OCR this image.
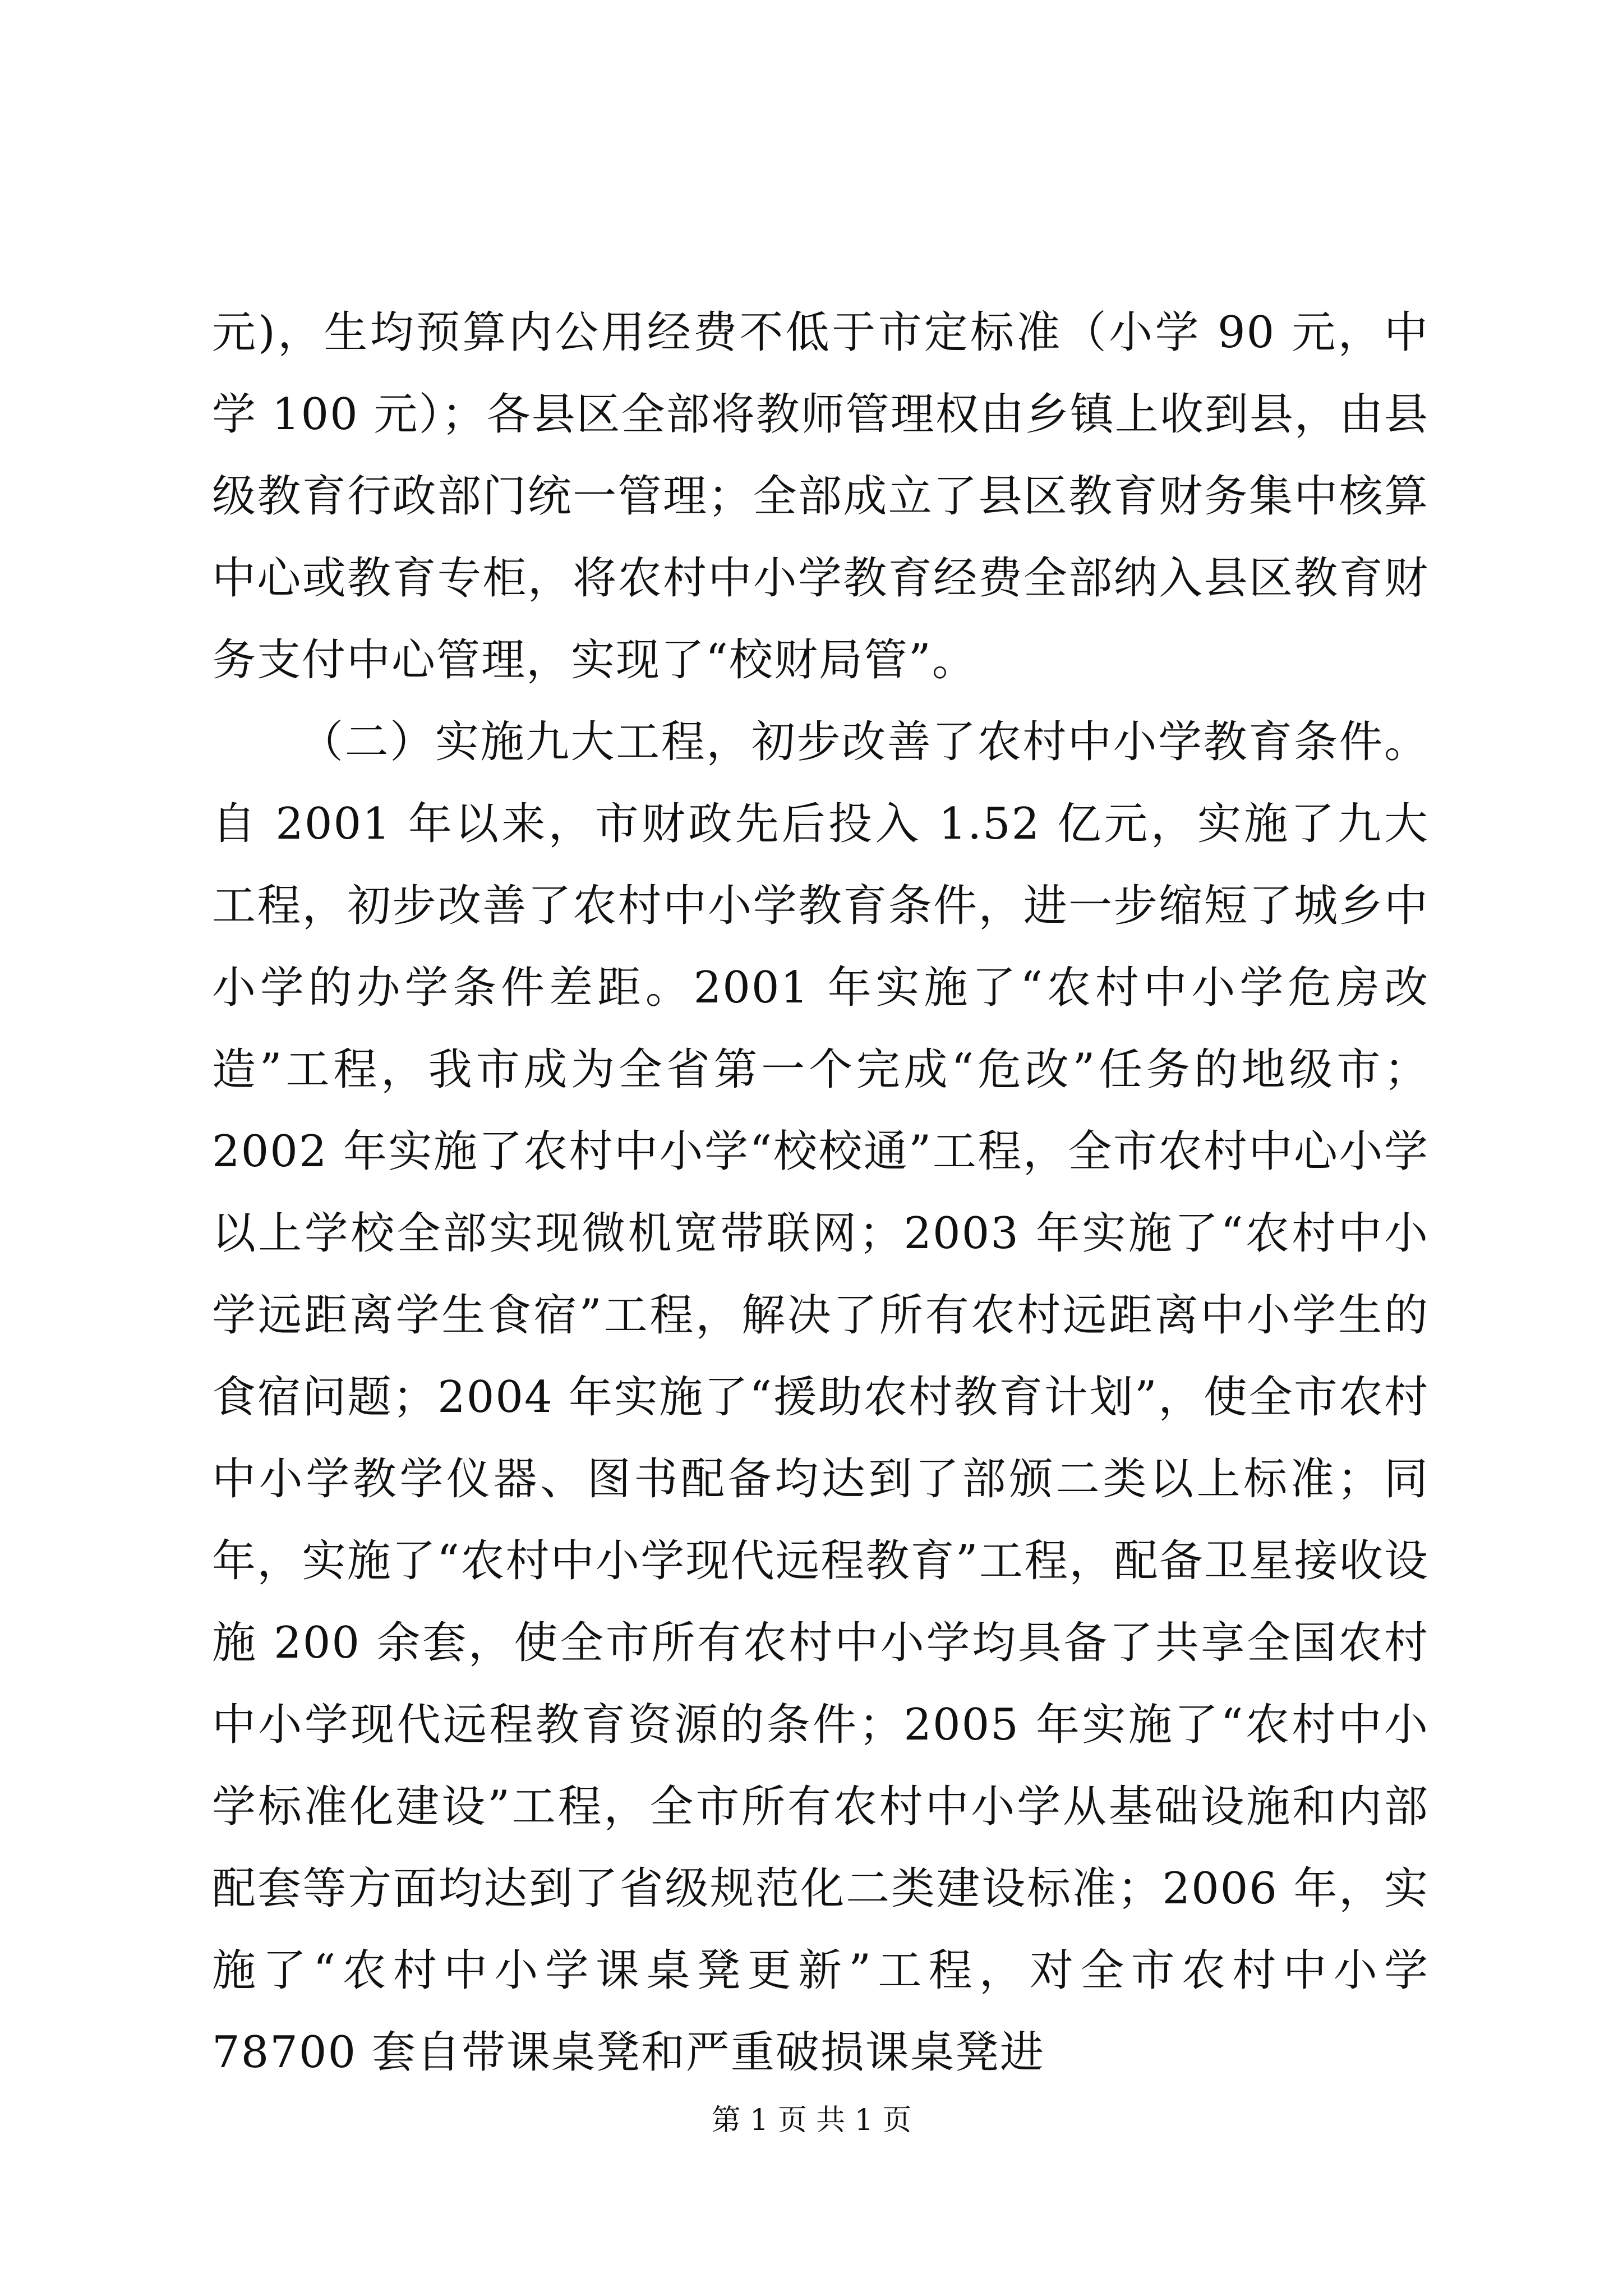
元)，生均预算内公用经费不低于市定标准（小学 90 元，中学 100 元）；各县区全部将教师管理权由乡镇上收到县，由县级教育行政部门统一管理；全部成立了县区教育财务集中核算中心或教育专柜，将农村中小学教育经费全部纳入县区教育财务支付中心管理，实现了“校财局管”。

（二）实施九大工程，初步改善了农村中小学教育条件。自 2001 年以来，市财政先后投入 1.52 亿元，实施了九大工程，初步改善了农村中小学教育条件，进一步缩短了城乡中小学的办学条件差距。2001 年实施了“农村中小学危房改造”工程，我市成为全省第一个完成“危改”任务的地级市；2002 年实施了农村中小学“校校通”工程，全市农村中心小学以上学校全部实现微机宽带联网；2003 年实施了“农村中小学远距离学生食宿”工程，解决了所有农村远距离中小学生的食宿问题；2004 年实施了“援助农村教育计划”，使全市农村中小学教学仪器、图书配备均达到了部颁二类以上标准；同年，实施了“农村中小学现代远程教育”工程，配备卫星接收设施 200 余套，使全市所有农村中小学均具备了共享全国农村中小学现代远程教育资源的条件；2005 年实施了“农村中小学标准化建设”工程，全市所有农村中小学从基础设施和内部配套等方面均达到了省级规范化二类建设标准；2006 年，实施了“农村中小学课桌凳更新”工程，对全市农村中小学 78700 套自带课桌凳和严重破损课桌凳进

第 1 页 共 1 页
